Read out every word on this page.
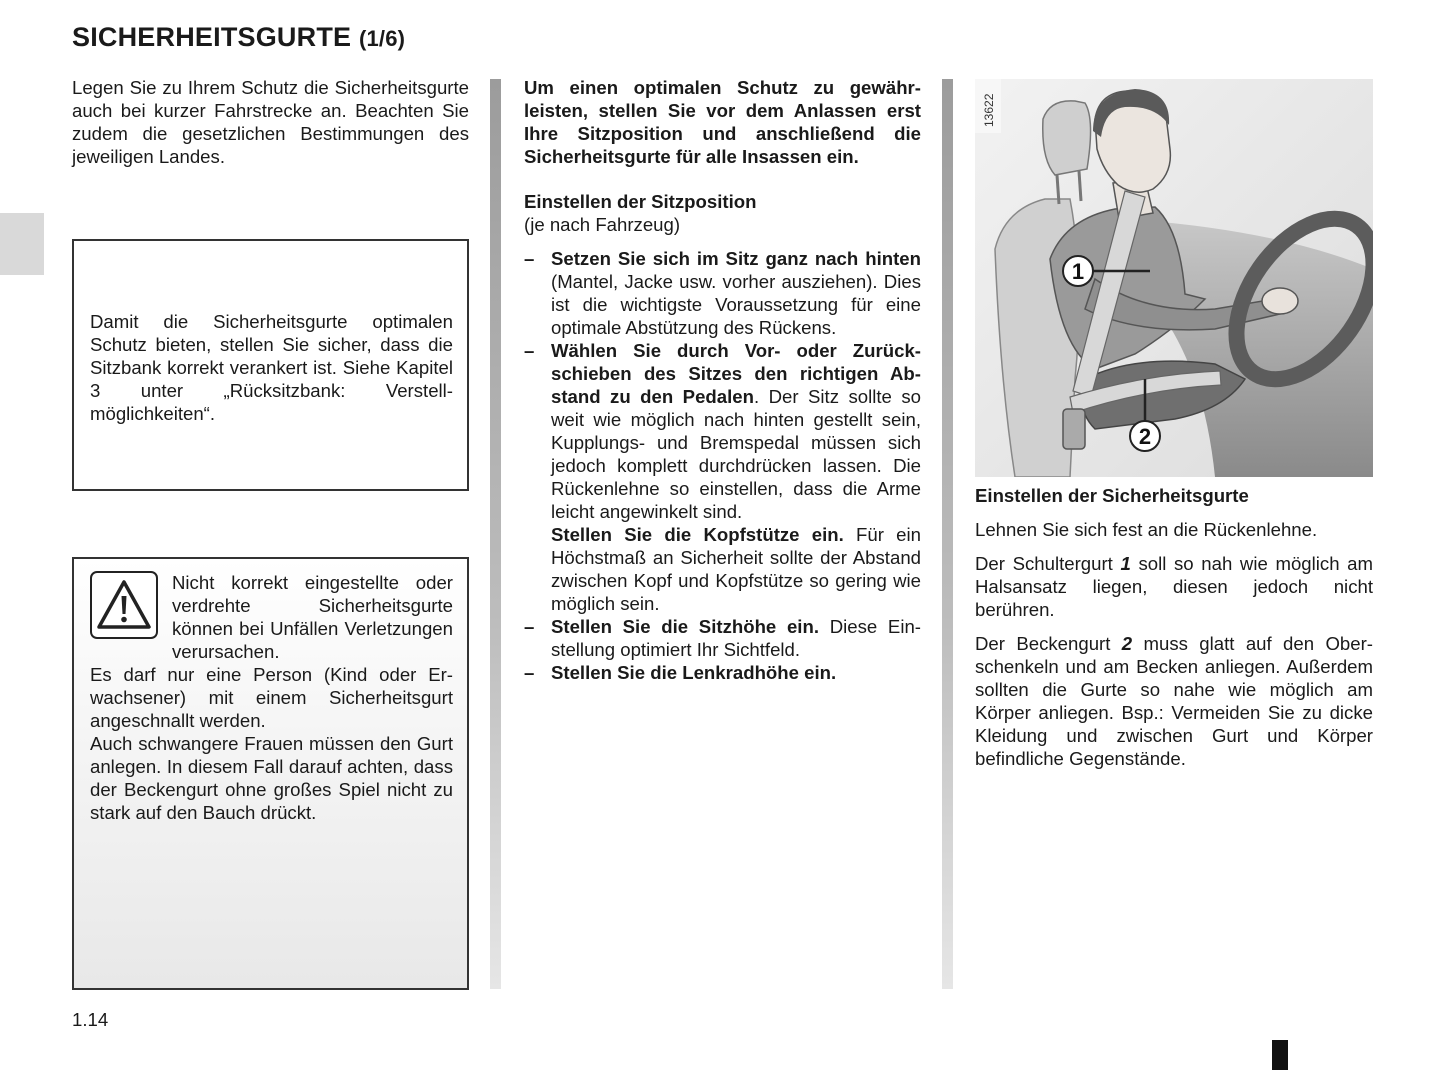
SICHERHEITSGURTE (1/6)

Legen Sie zu Ihrem Schutz die Sicherheitsgurte auch bei kurzer Fahrstrecke an. Beachten Sie zudem die gesetzlichen Bestimmungen des jeweiligen Landes.

Damit die Sicherheitsgurte optimalen Schutz bieten, stellen Sie sicher, dass die Sitzbank korrekt verankert ist. Siehe Kapitel 3 unter „Rücksitzbank: Verstellmöglichkeiten“.

Nicht korrekt eingestellte oder verdrehte Sicherheitsgurte können bei Unfällen Verletzungen verursachen.

Es darf nur eine Person (Kind oder Erwachsener) mit einem Sicherheitsgurt angeschnallt werden.

Auch schwangere Frauen müssen den Gurt anlegen. In diesem Fall darauf achten, dass der Beckengurt ohne großes Spiel nicht zu stark auf den Bauch drückt.

Um einen optimalen Schutz zu gewährleisten, stellen Sie vor dem Anlassen erst Ihre Sitzposition und anschließend die Sicherheitsgurte für alle Insassen ein.

Einstellen der Sitzposition

(je nach Fahrzeug)

– Setzen Sie sich im Sitz ganz nach hinten (Mantel, Jacke usw. vorher ausziehen). Dies ist die wichtigste Voraussetzung für eine optimale Abstützung des Rückens.
– Wählen Sie durch Vor- oder Zurückschieben des Sitzes den richtigen Abstand zu den Pedalen. Der Sitz sollte so weit wie möglich nach hinten gestellt sein, Kupplungs- und Bremspedal müssen sich jedoch komplett durchdrücken lassen. Die Rückenlehne so einstellen, dass die Arme leicht angewinkelt sind.

Stellen Sie die Kopfstütze ein. Für ein Höchstmaß an Sicherheit sollte der Abstand zwischen Kopf und Kopfstütze so gering wie möglich sein.

– Stellen Sie die Sitzhöhe ein. Diese Einstellung optimiert Ihr Sichtfeld.
– Stellen Sie die Lenkradhöhe ein.
1
2
13622
Einstellen der Sicherheitsgurte

Lehnen Sie sich fest an die Rückenlehne.

Der Schultergurt 1 soll so nah wie möglich am Halsansatz liegen, diesen jedoch nicht berühren.

Der Beckengurt 2 muss glatt auf den Oberschenkeln und am Becken anliegen. Außerdem sollten die Gurte so nahe wie möglich am Körper anliegen. Bsp.: Vermeiden Sie zu dicke Kleidung und zwischen Gurt und Körper befindliche Gegenstände.

1.14
